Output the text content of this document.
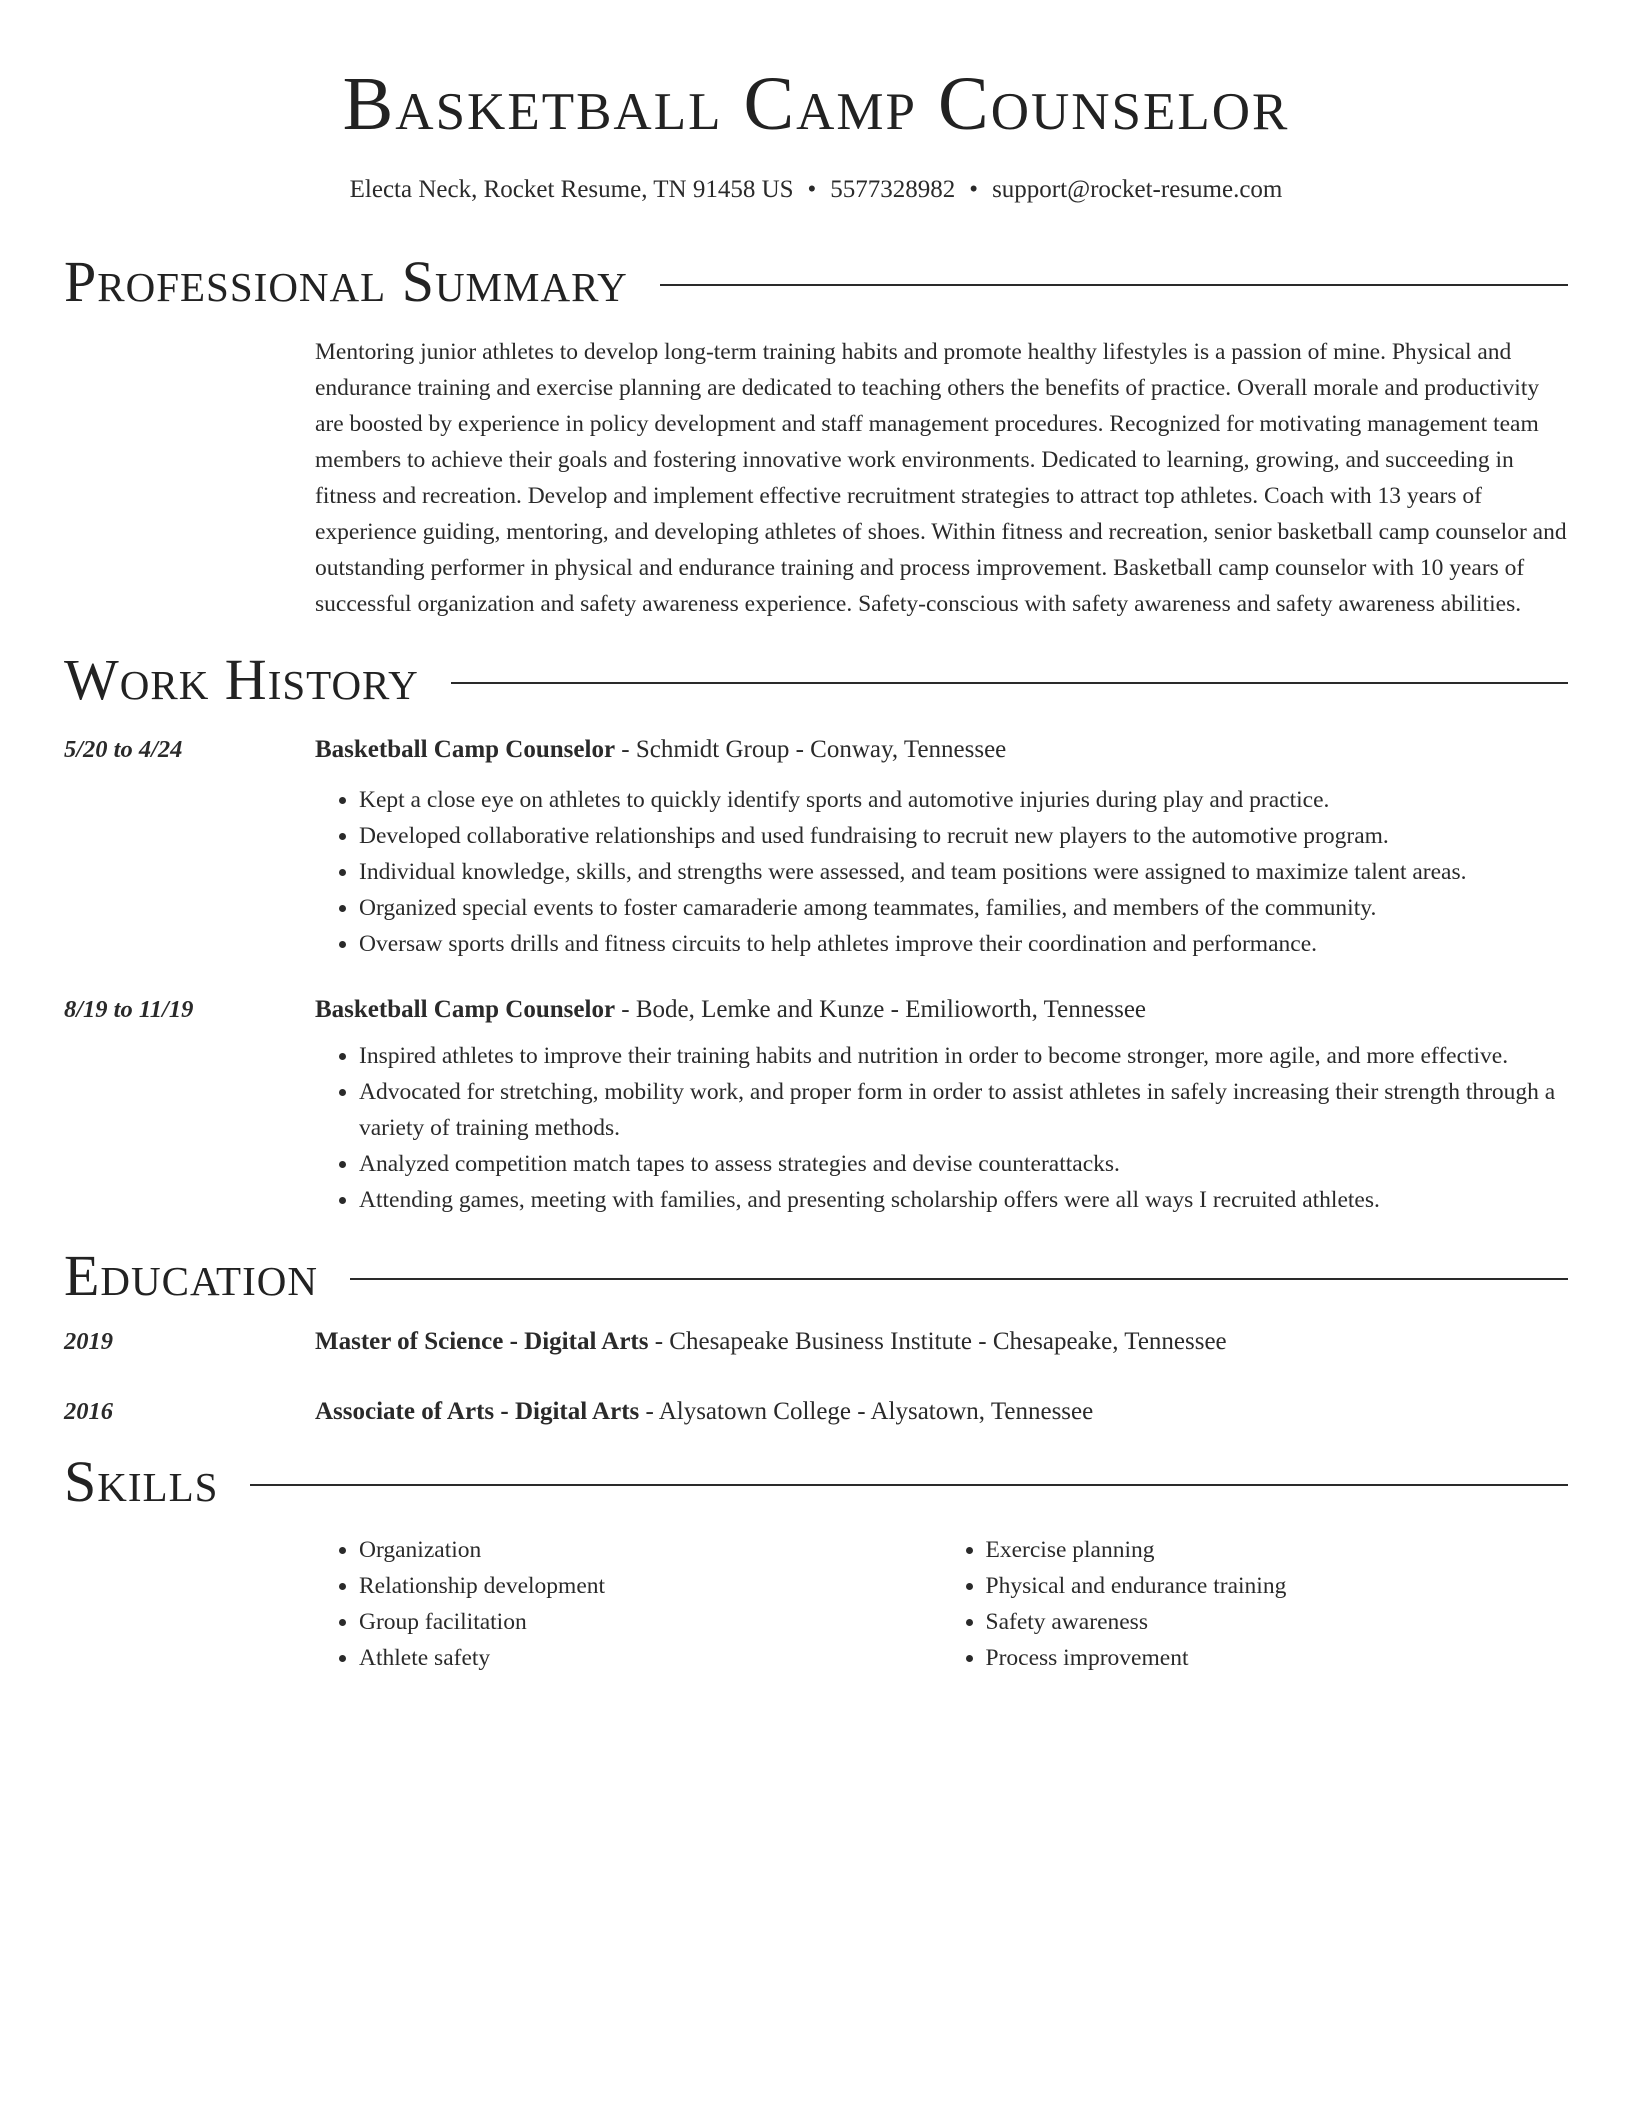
Basketball Camp Counselor
Electa Neck, Rocket Resume, TN 91458 US • 5577328982 • support@rocket-resume.com
Professional Summary
Mentoring junior athletes to develop long-term training habits and promote healthy lifestyles is a passion of mine. Physical and endurance training and exercise planning are dedicated to teaching others the benefits of practice. Overall morale and productivity are boosted by experience in policy development and staff management procedures. Recognized for motivating management team members to achieve their goals and fostering innovative work environments. Dedicated to learning, growing, and succeeding in fitness and recreation. Develop and implement effective recruitment strategies to attract top athletes. Coach with 13 years of experience guiding, mentoring, and developing athletes of shoes. Within fitness and recreation, senior basketball camp counselor and outstanding performer in physical and endurance training and process improvement. Basketball camp counselor with 10 years of successful organization and safety awareness experience. Safety-conscious with safety awareness and safety awareness abilities.
Work History
5/20 to 4/24	Basketball Camp Counselor - Schmidt Group - Conway, Tennessee
• Kept a close eye on athletes to quickly identify sports and automotive injuries during play and practice.
• Developed collaborative relationships and used fundraising to recruit new players to the automotive program.
• Individual knowledge, skills, and strengths were assessed, and team positions were assigned to maximize talent areas.
• Organized special events to foster camaraderie among teammates, families, and members of the community.
• Oversaw sports drills and fitness circuits to help athletes improve their coordination and performance.
8/19 to 11/19	Basketball Camp Counselor - Bode, Lemke and Kunze - Emilioworth, Tennessee
• Inspired athletes to improve their training habits and nutrition in order to become stronger, more agile, and more effective.
• Advocated for stretching, mobility work, and proper form in order to assist athletes in safely increasing their strength through a variety of training methods.
• Analyzed competition match tapes to assess strategies and devise counterattacks.
• Attending games, meeting with families, and presenting scholarship offers were all ways I recruited athletes.
Education
2019	Master of Science - Digital Arts - Chesapeake Business Institute - Chesapeake, Tennessee
2016	Associate of Arts - Digital Arts - Alysatown College - Alysatown, Tennessee
Skills
• Organization
• Relationship development
• Group facilitation
• Athlete safety
• Exercise planning
• Physical and endurance training
• Safety awareness
• Process improvement
